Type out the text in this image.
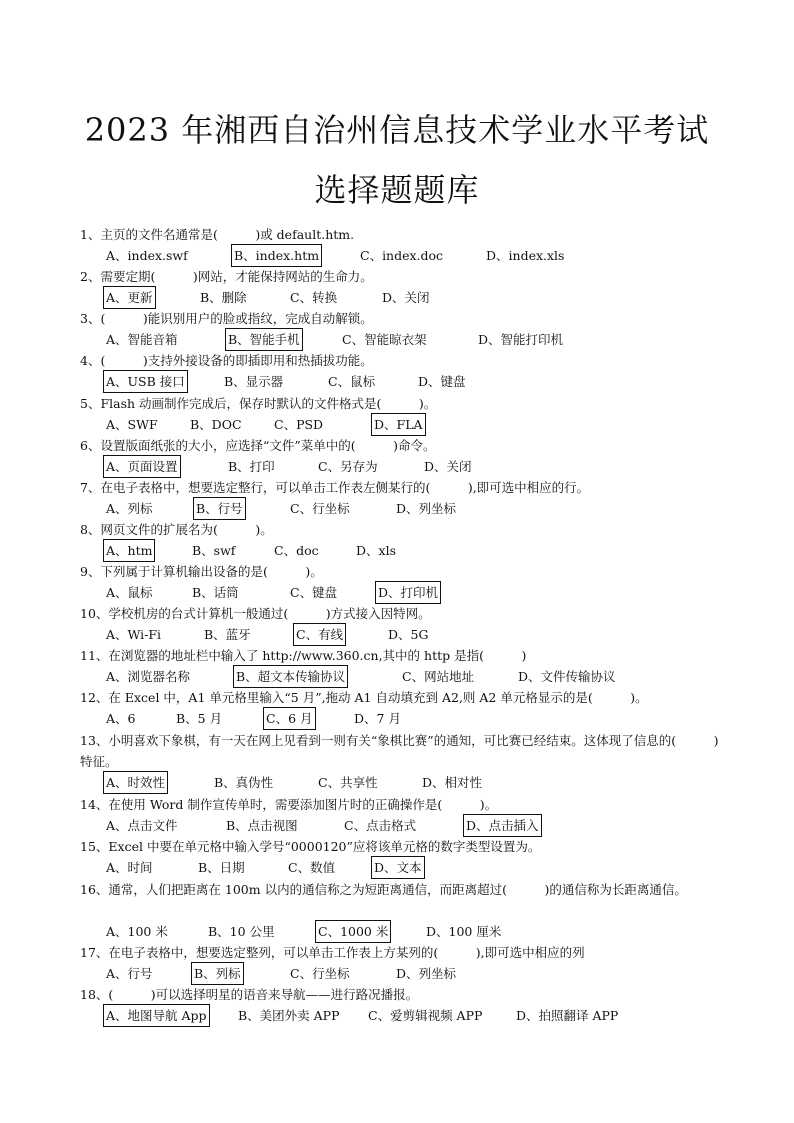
2023 年湘西自治州信息技术学业水平考试
选择题题库
1、主页的文件名通常是(　　　)或 default.htm.
A、index.swf	B、index.htm	C、index.doc	D、index.xls
2、需要定期(　　　)网站，才能保持网站的生命力。
A、更新	B、删除	C、转换	D、关闭
3、(　　　)能识别用户的脸或指纹，完成自动解锁。
A、智能音箱	B、智能手机	C、智能晾衣架	D、智能打印机
4、(　　　)支持外接设备的即插即用和热插拔功能。
A、USB 接口	B、显示器	C、鼠标	D、键盘
5、Flash 动画制作完成后，保存时默认的文件格式是(　　　)。
A、SWF	B、DOC	C、PSD	D、FLA
6、设置版面纸张的大小，应选择“文件”菜单中的(　　　)命令。
A、页面设置	B、打印	C、另存为	D、关闭
7、在电子表格中，想要选定整行，可以单击工作表左侧某行的(　　　),即可选中相应的行。
A、列标	B、行号	C、行坐标	D、列坐标
8、网页文件的扩展名为(　　　)。
A、htm	B、swf	C、doc	D、xls
9、下列属于计算机输出设备的是(　　　)。
A、鼠标	B、话筒	C、键盘	D、打印机
10、学校机房的台式计算机一般通过(　　　)方式接入因特网。
A、Wi-Fi	B、蓝牙	C、有线	D、5G
11、在浏览器的地址栏中输入了 http://www.360.cn,其中的 http 是指(　　　)
A、浏览器名称	B、超文本传输协议	C、网站地址	D、文件传输协议
12、在 Excel 中，A1 单元格里输入“5 月”,拖动 A1 自动填充到 A2,则 A2 单元格显示的是(　　　)。
A、6	B、5 月	C、6 月	D、7 月
13、小明喜欢下象棋，有一天在网上见看到一则有关“象棋比赛”的通知，可比赛已经结束。这体现了信息的(　　　)特征。
A、时效性	B、真伪性	C、共享性	D、相对性
14、在使用 Word 制作宣传单时，需要添加图片时的正确操作是(　　　)。
A、点击文件	B、点击视图	C、点击格式	D、点击插入
15、Excel 中要在单元格中输入学号“0000120”应将该单元格的数字类型设置为。
A、时间	B、日期	C、数值	D、文本
16、通常，人们把距离在 100m 以内的通信称之为短距离通信，而距离超过(　　　)的通信称为长距离通信。
A、100 米	B、10 公里	C、1000 米	D、100 厘米
17、在电子表格中，想要选定整列，可以单击工作表上方某列的(　　　),即可选中相应的列
A、行号	B、列标	C、行坐标	D、列坐标
18、(　　　)可以选择明星的语音来导航——进行路况播报。
A、地图导航 App	B、美团外卖 APP C、爱剪辑视频 APP	D、拍照翻译 APP
